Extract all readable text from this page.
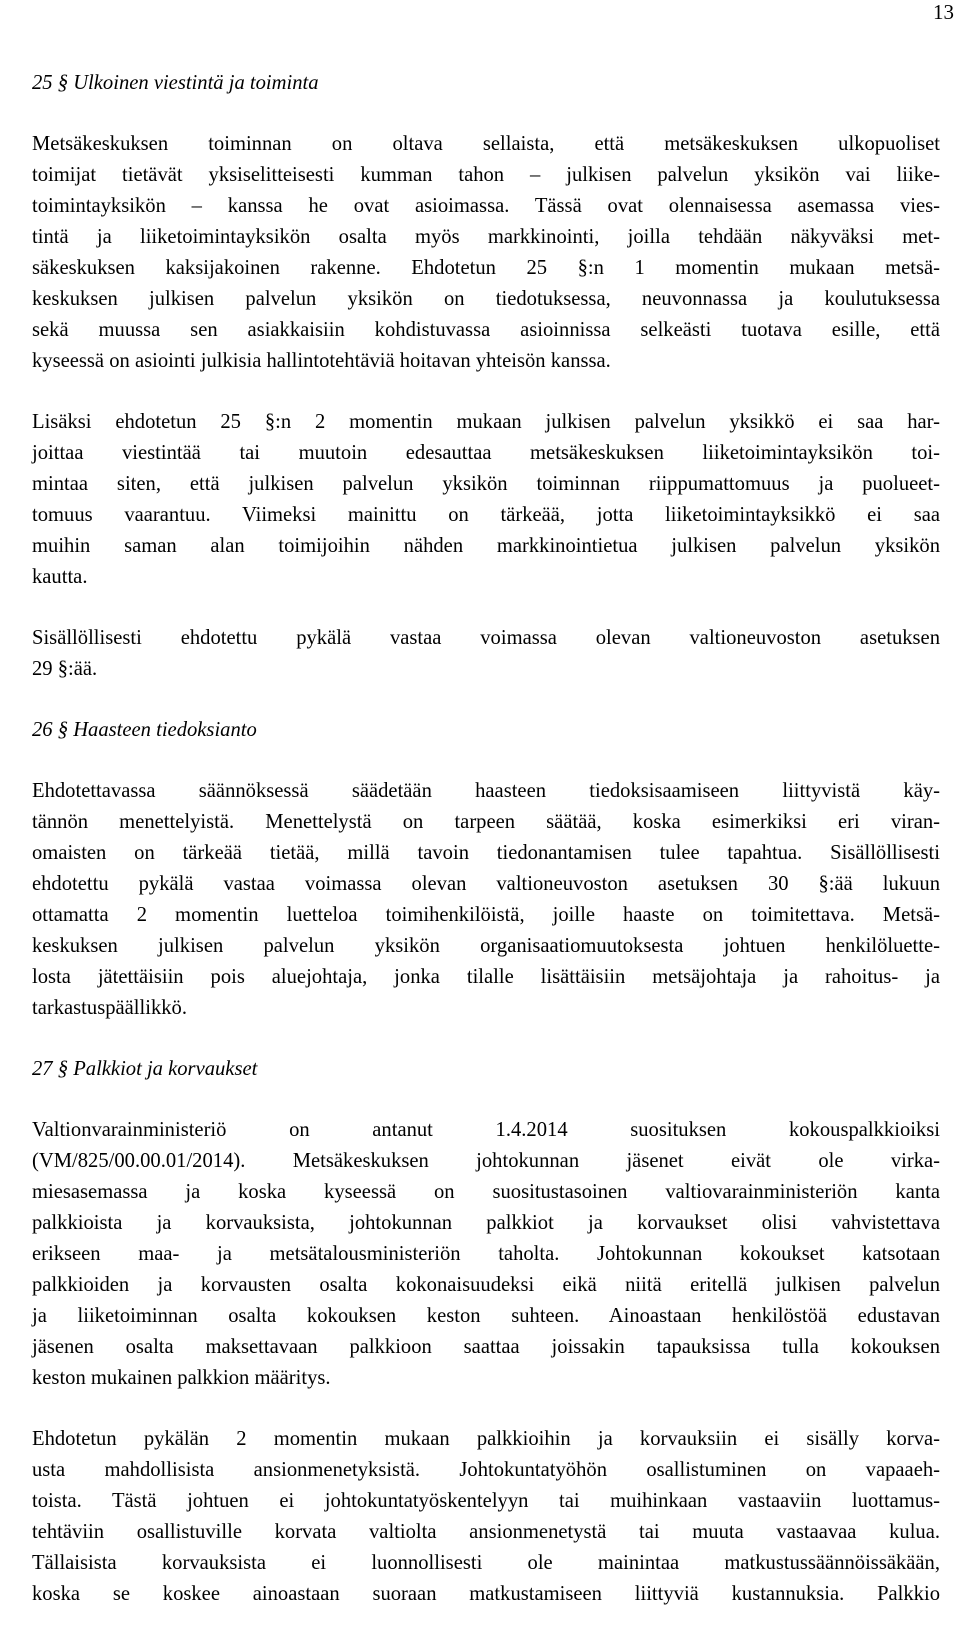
13
25 § Ulkoinen viestintä ja toiminta
Metsäkeskuksen toiminnan on oltava sellaista, että metsäkeskuksen ulkopuoliset
toimijat tietävät yksiselitteisesti kumman tahon – julkisen palvelun yksikön vai liike-
toimintayksikön – kanssa he ovat asioimassa. Tässä ovat olennaisessa asemassa vies-
tintä ja liiketoimintayksikön osalta myös markkinointi, joilla tehdään näkyväksi met-
säkeskuksen kaksijakoinen rakenne. Ehdotetun 25 §:n 1 momentin mukaan metsä-
keskuksen julkisen palvelun yksikön on tiedotuksessa, neuvonnassa ja koulutuksessa
sekä muussa sen asiakkaisiin kohdistuvassa asioinnissa selkeästi tuotava esille, että
kyseessä on asiointi julkisia hallintotehtäviä hoitavan yhteisön kanssa.
Lisäksi ehdotetun 25 §:n 2 momentin mukaan julkisen palvelun yksikkö ei saa har-
joittaa viestintää tai muutoin edesauttaa metsäkeskuksen liiketoimintayksikön toi-
mintaa siten, että julkisen palvelun yksikön toiminnan riippumattomuus ja puolueet-
tomuus vaarantuu. Viimeksi mainittu on tärkeää, jotta liiketoimintayksikkö ei saa
muihin saman alan toimijoihin nähden markkinointietua julkisen palvelun yksikön
kautta.
Sisällöllisesti ehdotettu pykälä vastaa voimassa olevan valtioneuvoston asetuksen
29 §:ää.
26 § Haasteen tiedoksianto
Ehdotettavassa säännöksessä säädetään haasteen tiedoksisaamiseen liittyvistä käy-
tännön menettelyistä. Menettelystä on tarpeen säätää, koska esimerkiksi eri viran-
omaisten on tärkeää tietää, millä tavoin tiedonantamisen tulee tapahtua. Sisällöllisesti
ehdotettu pykälä vastaa voimassa olevan valtioneuvoston asetuksen 30 §:ää lukuun
ottamatta 2 momentin luetteloa toimihenkilöistä, joille haaste on toimitettava. Metsä-
keskuksen julkisen palvelun yksikön organisaatiomuutoksesta johtuen henkilöluette-
losta jätettäisiin pois aluejohtaja, jonka tilalle lisättäisiin metsäjohtaja ja rahoitus- ja
tarkastuspäällikkö.
27 § Palkkiot ja korvaukset
Valtionvarainministeriö on antanut 1.4.2014 suosituksen kokouspalkkioiksi
(VM/825/00.00.01/2014). Metsäkeskuksen johtokunnan jäsenet eivät ole virka-
miesasemassa ja koska kyseessä on suositustasoinen valtiovarainministeriön kanta
palkkioista ja korvauksista, johtokunnan palkkiot ja korvaukset olisi vahvistettava
erikseen maa- ja metsätalousministeriön taholta. Johtokunnan kokoukset katsotaan
palkkioiden ja korvausten osalta kokonaisuudeksi eikä niitä eritellä julkisen palvelun
ja liiketoiminnan osalta kokouksen keston suhteen. Ainoastaan henkilöstöä edustavan
jäsenen osalta maksettavaan palkkioon saattaa joissakin tapauksissa tulla kokouksen
keston mukainen palkkion määritys.
Ehdotetun pykälän 2 momentin mukaan palkkioihin ja korvauksiin ei sisälly korva-
usta mahdollisista ansionmenetyksistä. Johtokuntatyöhön osallistuminen on vapaaeh-
toista. Tästä johtuen ei johtokuntatyöskentelyyn tai muihinkaan vastaaviin luottamus-
tehtäviin osallistuville korvata valtiolta ansionmenetystä tai muuta vastaavaa kulua.
Tällaisista korvauksista ei luonnollisesti ole mainintaa matkustussäännöissäkään,
koska se koskee ainoastaan suoraan matkustamiseen liittyviä kustannuksia. Palkkio
